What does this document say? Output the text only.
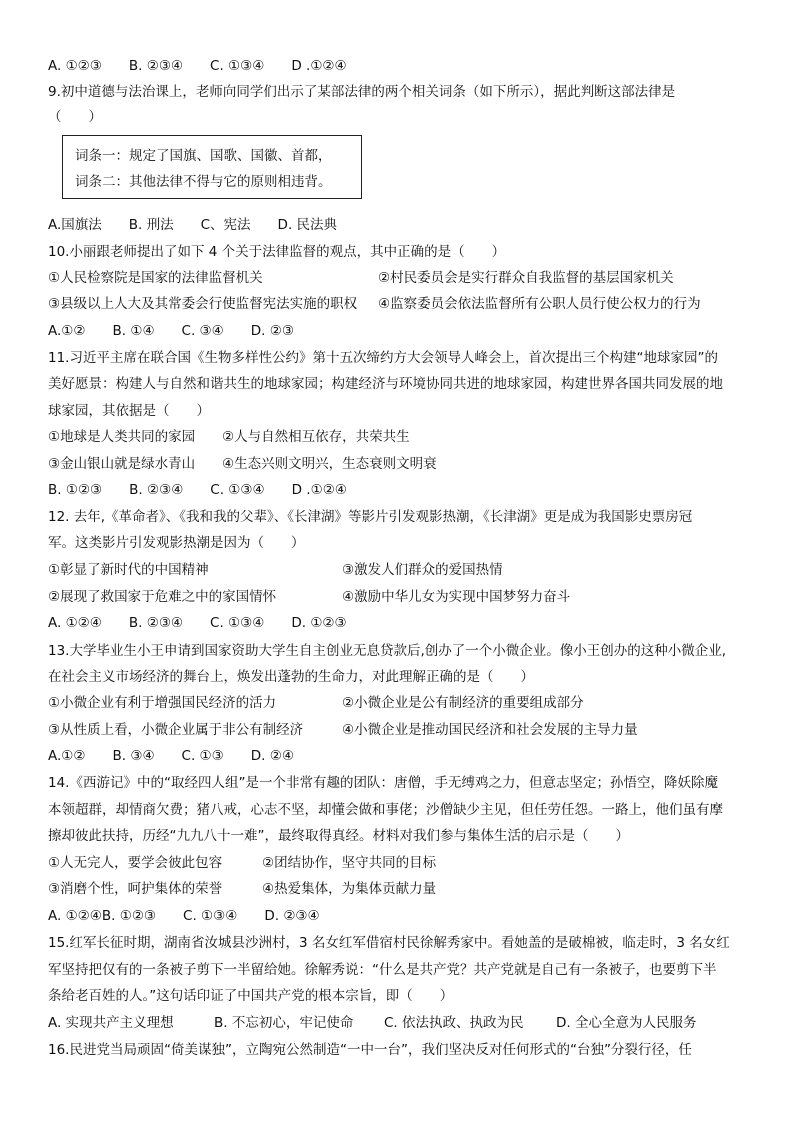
A. ①②③　　B. ②③④　　C. ①③④　　D .①②④
9.初中道德与法治课上，老师向同学们出示了某部法律的两个相关词条（如下所示），据此判断这部法律是
（　　）
词条一：规定了国旗、国歌、国徽、首都，
词条二：其他法律不得与它的原则相违背。
A.国旗法　　B. 刑法　　C、宪法　　D. 民法典
10.小丽跟老师提出了如下 4 个关于法律监督的观点，其中正确的是（　　）
①人民检察院是国家的法律监督机关	②村民委员会是实行群众自我监督的基层国家机关
③县级以上人大及其常委会行使监督宪法实施的职权 ④监察委员会依法监督所有公职人员行使公权力的行为
A.①②　　B. ①④　　C. ③④　　D. ②③
11.习近平主席在联合国《生物多样性公约》第十五次缔约方大会领导人峰会上，首次提出三个构建“地球家园”的
美好愿景：构建人与自然和谐共生的地球家园；构建经济与环境协同共进的地球家园，构建世界各国共同发展的地
球家园，其依据是（　　）
①地球是人类共同的家园 ②人与自然相互依存，共荣共生
③金山银山就是绿水青山 ④生态兴则文明兴，生态衰则文明衰
B. ①②③　　B. ②③④　　C. ①③④　　D .①②④
12. 去年,《革命者》、《我和我的父辈》、《长津湖》等影片引发观影热潮，《长津湖》更是成为我国影史票房冠
军。这类影片引发观影热潮是因为（　　）
①彰显了新时代的中国精神	③激发人们群众的爱国热情
②展现了救国家于危难之中的家国情怀	④激励中华儿女为实现中国梦努力奋斗
A. ①②④　　B. ②③④　　C. ①③④　　D. ①②③
13.大学毕业生小王申请到国家资助大学生自主创业无息贷款后,创办了一个小微企业。像小王创办的这种小微企业,
在社会主义市场经济的舞台上，焕发出蓬勃的生命力，对此理解正确的是（　　）
①小微企业有利于增强国民经济的活力	②小微企业是公有制经济的重要组成部分
③从性质上看，小微企业属于非公有制经济	④小微企业是推动国民经济和社会发展的主导力量
A.①②　　B. ③④　　C. ①③　　D. ②④
14.《西游记》中的“取经四人组”是一个非常有趣的团队：唐僧，手无缚鸡之力，但意志坚定；孙悟空，降妖除魔
本领超群，却情商欠费；猪八戒，心志不坚，却懂会做和事佬；沙僧缺少主见，但任劳任怨。一路上，他们虽有摩
擦却彼此扶持，历经“九九八十一难”，最终取得真经。材料对我们参与集体生活的启示是（　　）
①人无完人，要学会彼此包容	②团结协作，坚守共同的目标
③消磨个性，呵护集体的荣誉	④热爱集体，为集体贡献力量
A. ①②④B. ①②③　　C. ①③④　　D. ②③④
15.红军长征时期，湖南省汝城县沙洲村，3 名女红军借宿村民徐解秀家中。看她盖的是破棉被，临走时，3 名女红
军坚持把仅有的一条被子剪下一半留给她。徐解秀说：“什么是共产党？共产党就是自己有一条被子，也要剪下半
条给老百姓的人。”这句话印证了中国共产党的根本宗旨，即（　　）
A. 实现共产主义理想	B. 不忘初心，牢记使命 C. 依法执政、执政为民 D. 全心全意为人民服务
16.民进党当局顽固“倚美谋独”，立陶宛公然制造“一中一台”，我们坚决反对任何形式的“台独”分裂行径，任
